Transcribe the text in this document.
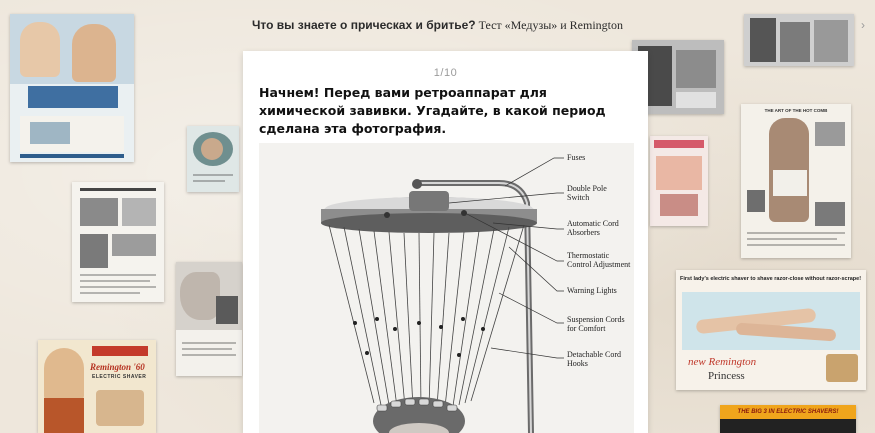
Что вы знаете о прическах и бритье? Тест «Медузы» и Remington	›
Remington '60
ELECTRIC SHAVER
THE ART OF THE HOT COMB
First lady's electric shaver to shave razor-close without razor-scrape!
new Remington
Princess
THE BIG 3 IN ELECTRIC SHAVERS!
1/10
Начнем! Перед вами ретроаппарат для химической завивки. Угадайте, в какой период сделана эта фотография.
Fuses
Double Pole Switch
Automatic Cord Absorbers
Thermostatic Control Adjustment
Warning Lights
Suspension Cords for Comfort
Detachable Cord Hooks
